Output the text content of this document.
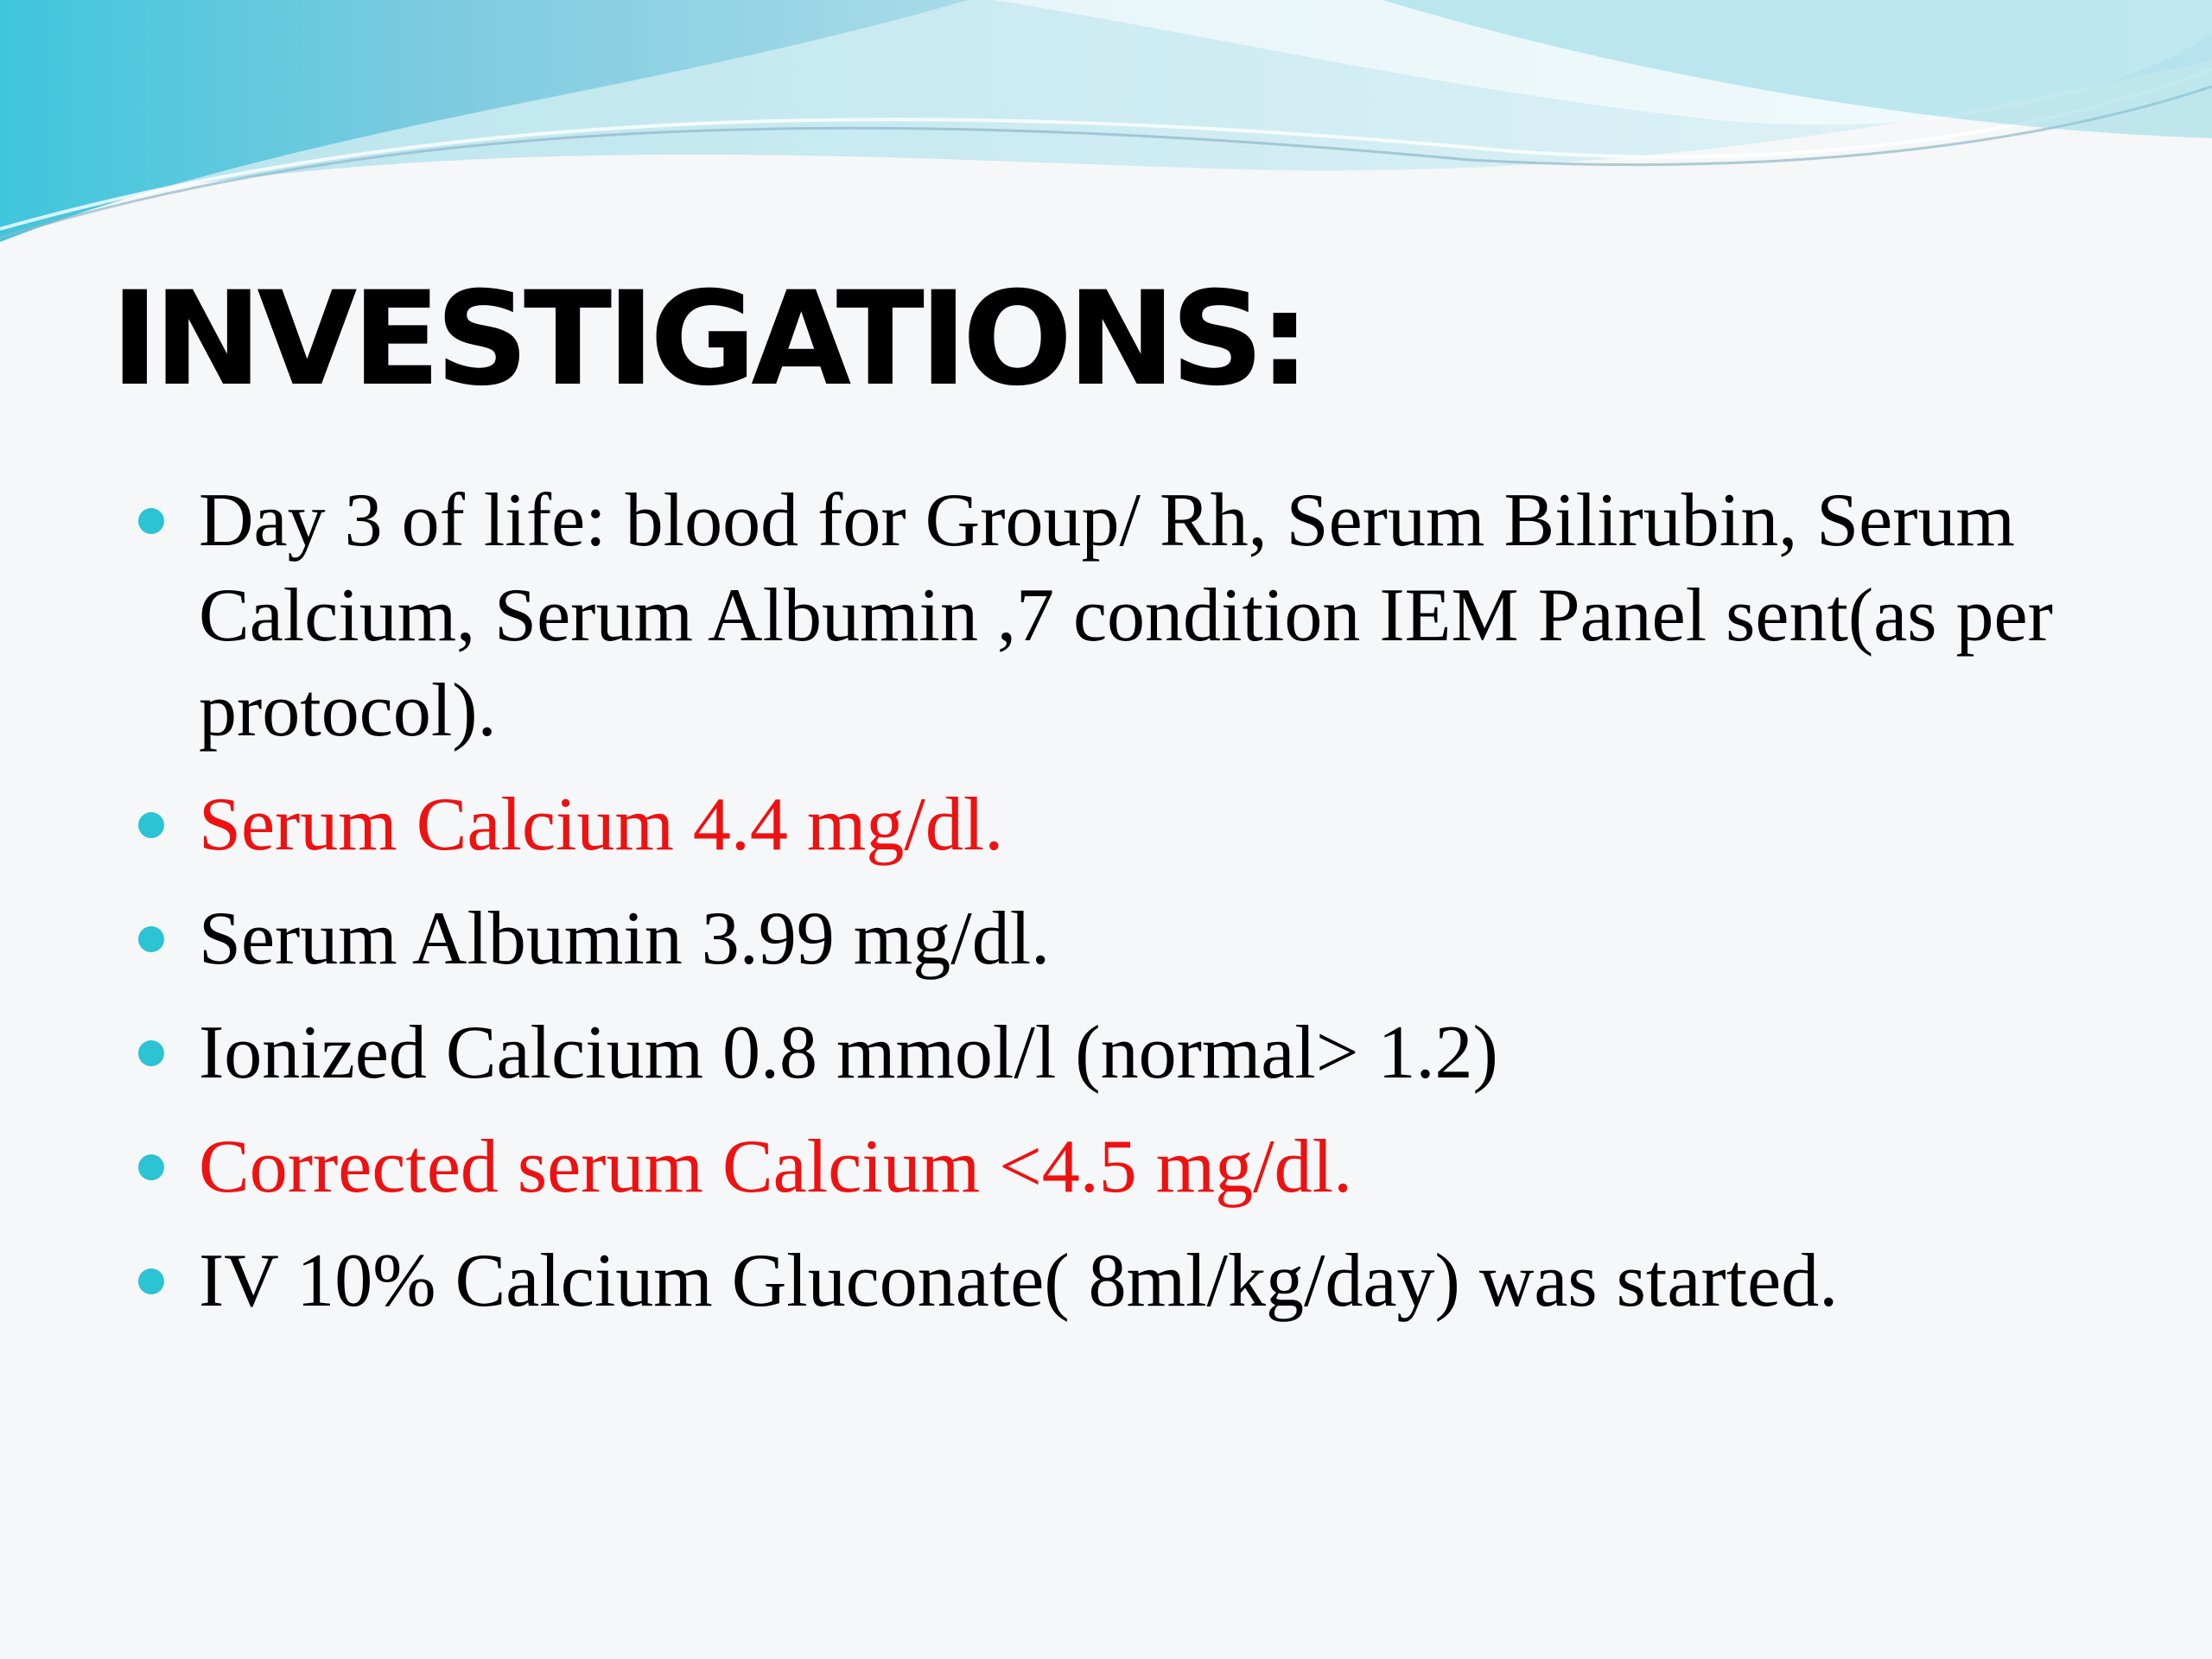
INVESTIGATIONS:
Day 3 of life: blood for Group/ Rh, Serum Bilirubin, Serum Calcium, Serum Albumin ,7 condition IEM Panel sent(as per protocol).
Serum Calcium 4.4 mg/dl.
Serum Albumin 3.99 mg/dl.
Ionized Calcium 0.8 mmol/l (normal> 1.2)
Corrected serum Calcium <4.5 mg/dl.
IV 10% Calcium Gluconate( 8ml/kg/day) was started.
